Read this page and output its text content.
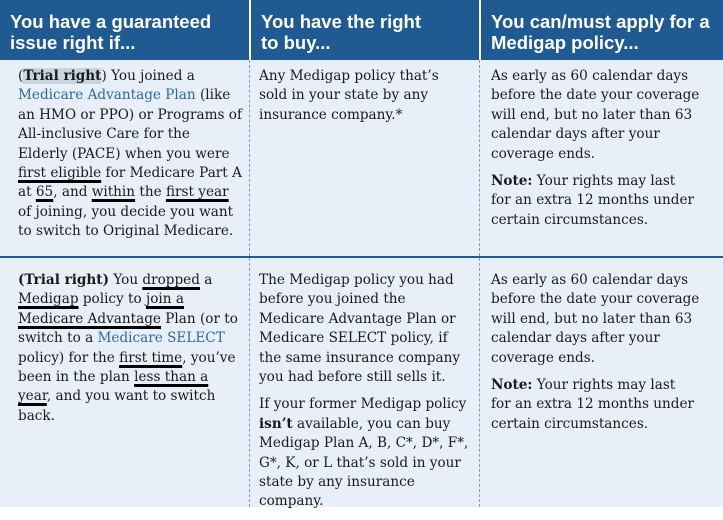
You have a guaranteed
issue right if...
You have the right
to buy...
You can/must apply for a
Medigap policy...
(Trial right) You joined a Medicare Advantage Plan (like an HMO or PPO) or Programs of All-inclusive Care for the Elderly (PACE) when you were first eligible for Medicare Part A at 65, and within the first year of joining, you decide you want to switch to Original Medicare.
Any Medigap policy that’s sold in your state by any insurance company.*

As early as 60 calendar days before the date your coverage will end, but no later than 63 calendar days after your coverage ends.

Note: Your rights may last for an extra 12 months under certain circumstances.

(Trial right) You dropped a Medigap policy to join a Medicare Advantage Plan (or to switch to a Medicare SELECT policy) for the first time, you’ve been in the plan less than a year, and you want to switch back.

The Medigap policy you had before you joined the Medicare Advantage Plan or Medicare SELECT policy, if the same insurance company you had before still sells it.

If your former Medigap policy isn’t available, you can buy Medigap Plan A, B, C*, D*, F*, G*, K, or L that’s sold in your state by any insurance company.

As early as 60 calendar days before the date your coverage will end, but no later than 63 calendar days after your coverage ends.

Note: Your rights may last for an extra 12 months under certain circumstances.
